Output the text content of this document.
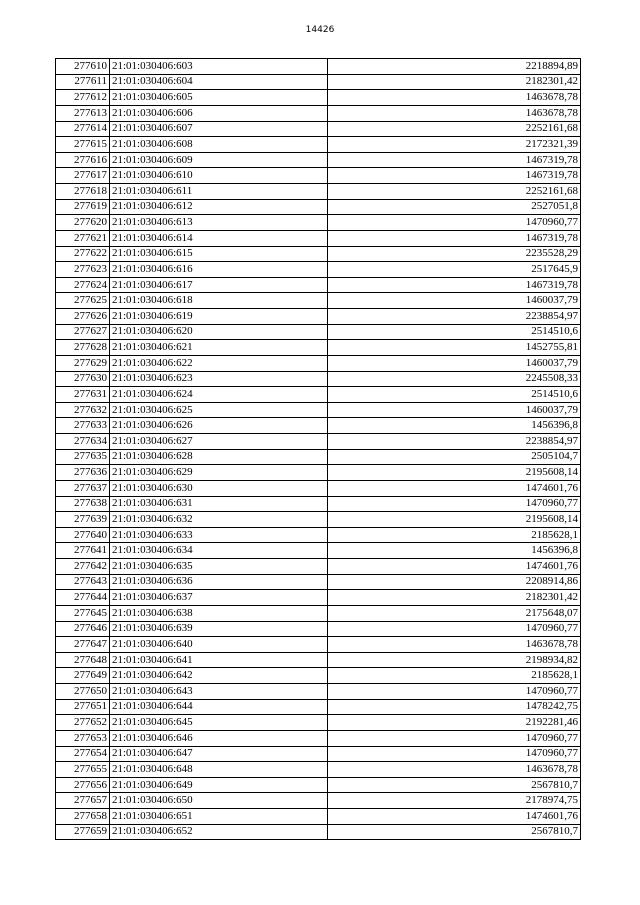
14426
277610	21:01:030406:603	2218894,89
277611	21:01:030406:604	2182301,42
277612	21:01:030406:605	1463678,78
277613	21:01:030406:606	1463678,78
277614	21:01:030406:607	2252161,68
277615	21:01:030406:608	2172321,39
277616	21:01:030406:609	1467319,78
277617	21:01:030406:610	1467319,78
277618	21:01:030406:611	2252161,68
277619	21:01:030406:612	2527051,8
277620	21:01:030406:613	1470960,77
277621	21:01:030406:614	1467319,78
277622	21:01:030406:615	2235528,29
277623	21:01:030406:616	2517645,9
277624	21:01:030406:617	1467319,78
277625	21:01:030406:618	1460037,79
277626	21:01:030406:619	2238854,97
277627	21:01:030406:620	2514510,6
277628	21:01:030406:621	1452755,81
277629	21:01:030406:622	1460037,79
277630	21:01:030406:623	2245508,33
277631	21:01:030406:624	2514510,6
277632	21:01:030406:625	1460037,79
277633	21:01:030406:626	1456396,8
277634	21:01:030406:627	2238854,97
277635	21:01:030406:628	2505104,7
277636	21:01:030406:629	2195608,14
277637	21:01:030406:630	1474601,76
277638	21:01:030406:631	1470960,77
277639	21:01:030406:632	2195608,14
277640	21:01:030406:633	2185628,1
277641	21:01:030406:634	1456396,8
277642	21:01:030406:635	1474601,76
277643	21:01:030406:636	2208914,86
277644	21:01:030406:637	2182301,42
277645	21:01:030406:638	2175648,07
277646	21:01:030406:639	1470960,77
277647	21:01:030406:640	1463678,78
277648	21:01:030406:641	2198934,82
277649	21:01:030406:642	2185628,1
277650	21:01:030406:643	1470960,77
277651	21:01:030406:644	1478242,75
277652	21:01:030406:645	2192281,46
277653	21:01:030406:646	1470960,77
277654	21:01:030406:647	1470960,77
277655	21:01:030406:648	1463678,78
277656	21:01:030406:649	2567810,7
277657	21:01:030406:650	2178974,75
277658	21:01:030406:651	1474601,76
277659	21:01:030406:652	2567810,7
